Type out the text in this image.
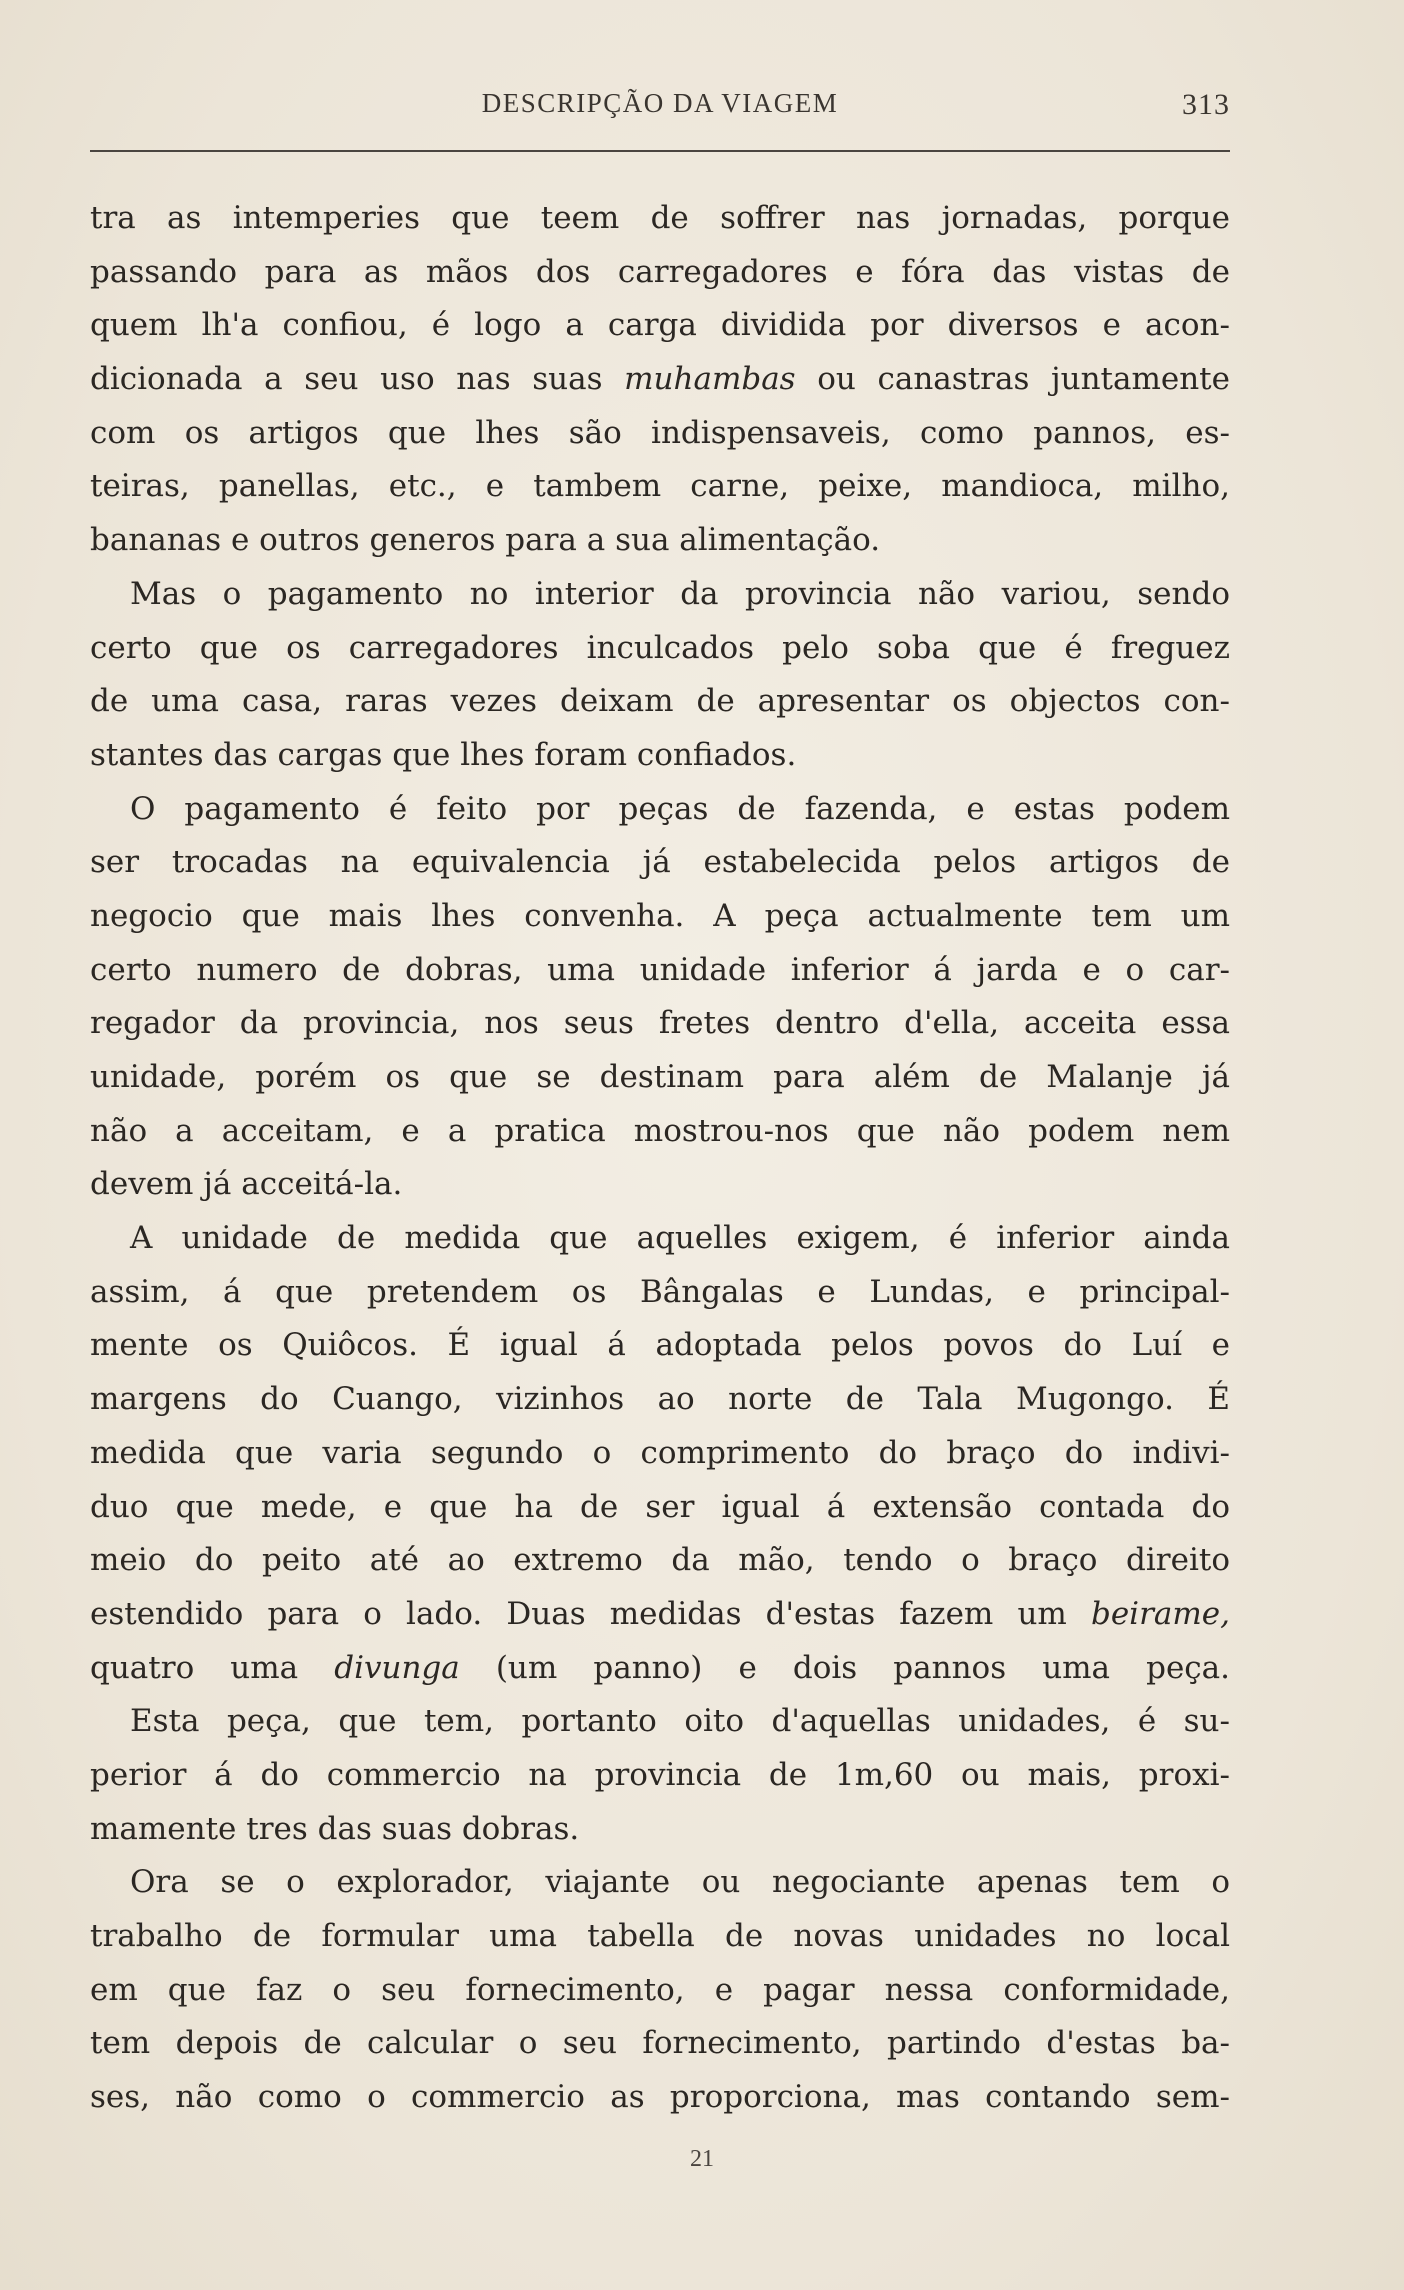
DESCRIPÇÃO DA VIAGEM	313
tra as intemperies que teem de soffrer nas jornadas, porque
passando para as mãos dos carregadores e fóra das vistas de
quem lh'a confiou, é logo a carga dividida por diversos e acon-
dicionada a seu uso nas suas muhambas ou canastras juntamente
com os artigos que lhes são indispensaveis, como pannos, es-
teiras, panellas, etc., e tambem carne, peixe, mandioca, milho,
bananas e outros generos para a sua alimentação.
Mas o pagamento no interior da provincia não variou, sendo
certo que os carregadores inculcados pelo soba que é freguez
de uma casa, raras vezes deixam de apresentar os objectos con-
stantes das cargas que lhes foram confiados.
O pagamento é feito por peças de fazenda, e estas podem
ser trocadas na equivalencia já estabelecida pelos artigos de
negocio que mais lhes convenha. A peça actualmente tem um
certo numero de dobras, uma unidade inferior á jarda e o car-
regador da provincia, nos seus fretes dentro d'ella, acceita essa
unidade, porém os que se destinam para além de Malanje já
não a acceitam, e a pratica mostrou-nos que não podem nem
devem já acceitá-la.
A unidade de medida que aquelles exigem, é inferior ainda
assim, á que pretendem os Bângalas e Lundas, e principal-
mente os Quiôcos. É igual á adoptada pelos povos do Luí e
margens do Cuango, vizinhos ao norte de Tala Mugongo. É
medida que varia segundo o comprimento do braço do indivi-
duo que mede, e que ha de ser igual á extensão contada do
meio do peito até ao extremo da mão, tendo o braço direito
estendido para o lado. Duas medidas d'estas fazem um beirame,
quatro uma divunga (um panno) e dois pannos uma peça.
Esta peça, que tem, portanto oito d'aquellas unidades, é su-
perior á do commercio na provincia de 1m,60 ou mais, proxi-
mamente tres das suas dobras.
Ora se o explorador, viajante ou negociante apenas tem o
trabalho de formular uma tabella de novas unidades no local
em que faz o seu fornecimento, e pagar nessa conformidade,
tem depois de calcular o seu fornecimento, partindo d'estas ba-
ses, não como o commercio as proporciona, mas contando sem-
21
